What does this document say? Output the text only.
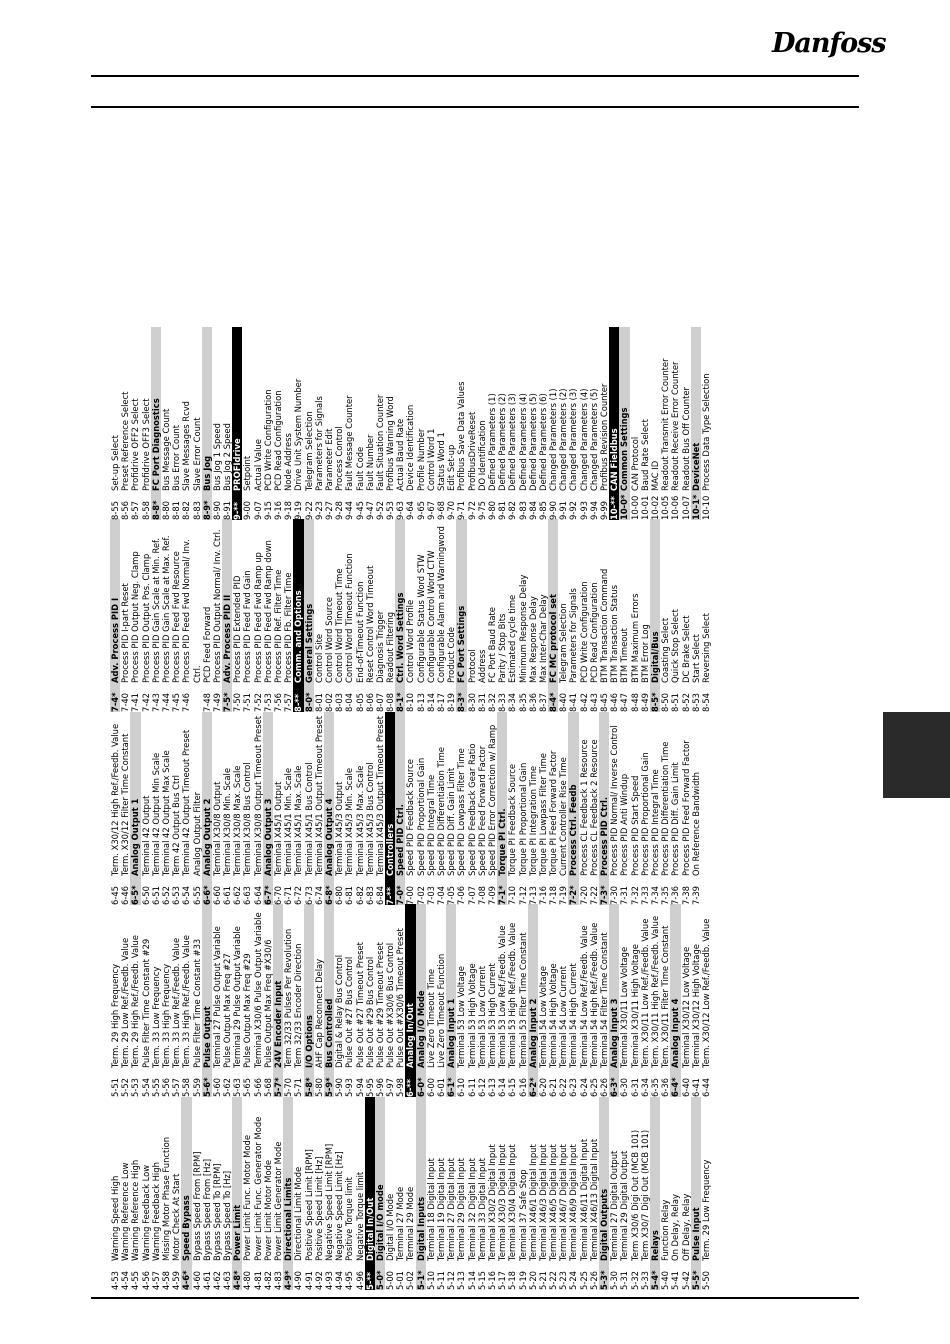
Danfoss
4-53Warning Speed High
4-54Warning Reference Low
4-55Warning Reference High
4-56Warning Feedback Low
4-57Warning Feedback High
4-58Missing Motor Phase Function
4-59Motor Check At Start
4-6*Speed Bypass
4-60Bypass Speed From [RPM]
4-61Bypass Speed From [Hz]
4-62Bypass Speed To [RPM]
4-63Bypass Speed To [Hz]
4-8*Power Limit
4-80Power Limit Func. Motor Mode
4-81Power Limit Func. Generator Mode
4-82Power Limit Motor Mode
4-83Power Limit Generator Mode
4-9*Directional Limits
4-90Directional Limit Mode
4-91Positive Speed Limit [RPM]
4-92Positive Speed Limit [Hz]
4-93Negative Speed Limit [RPM]
4-94Negative Speed Limit [Hz]
4-95Positive Torque limit
4-96Negative Torque limit
5-**Digital In/Out
5-0*Digital I/O mode
5-00Digital I/O Mode
5-01Terminal 27 Mode
5-02Terminal 29 Mode
5-1*Digital Inputs
5-10Terminal 18 Digital Input
5-11Terminal 19 Digital Input
5-12Terminal 27 Digital Input
5-13Terminal 29 Digital Input
5-14Terminal 32 Digital Input
5-15Terminal 33 Digital Input
5-16Terminal X30/2 Digital Input
5-17Terminal X30/3 Digital Input
5-18Terminal X30/4 Digital Input
5-19Terminal 37 Safe Stop
5-20Terminal X46/1 Digital Input
5-21Terminal X46/3 Digital Input
5-22Terminal X46/5 Digital Input
5-23Terminal X46/7 Digital Input
5-24Terminal X46/9 Digital Input
5-25Terminal X46/11 Digital Input
5-26Terminal X46/13 Digital Input
5-3*Digital Outputs
5-30Terminal 27 Digital Output
5-31Terminal 29 Digital Output
5-32Term X30/6 Digi Out (MCB 101)
5-33Term X30/7 Digi Out (MCB 101)
5-4*Relays
5-40Function Relay
5-41On Delay, Relay
5-42Off Delay, Relay
5-5*Pulse Input
5-50Term. 29 Low Frequency
5-51Term. 29 High Frequency
5-52Term. 29 Low Ref./Feedb. Value
5-53Term. 29 High Ref./Feedb. Value
5-54Pulse Filter Time Constant #29
5-55Term. 33 Low Frequency
5-56Term. 33 High Frequency
5-57Term. 33 Low Ref./Feedb. Value
5-58Term. 33 High Ref./Feedb. Value
5-59Pulse Filter Time Constant #33
5-6*Pulse Output
5-60Terminal 27 Pulse Output Variable
5-62Pulse Output Max Freq #27
5-63Terminal 29 Pulse Output Variable
5-65Pulse Output Max Freq #29
5-66Terminal X30/6 Pulse Output Variable
5-68Pulse Output Max Freq #X30/6
5-7*24V Encoder Input
5-70Term 32/33 Pulses Per Revolution
5-71Term 32/33 Encoder Direction
5-8*I/O Options
5-80AHF Cap Reconnect Delay
5-9*Bus Controlled
5-90Digital & Relay Bus Control
5-93Pulse Out #27 Bus Control
5-94Pulse Out #27 Timeout Preset
5-95Pulse Out #29 Bus Control
5-96Pulse Out #29 Timeout Preset
5-97Pulse Out #X30/6 Bus Control
5-98Pulse Out #X30/6 Timeout Preset
6-**Analog In/Out
6-0*Analog I/O Mode
6-00Live Zero Timeout Time
6-01Live Zero Timeout Function
6-1*Analog Input 1
6-10Terminal 53 Low Voltage
6-11Terminal 53 High Voltage
6-12Terminal 53 Low Current
6-13Terminal 53 High Current
6-14Terminal 53 Low Ref./Feedb. Value
6-15Terminal 53 High Ref./Feedb. Value
6-16Terminal 53 Filter Time Constant
6-2*Analog Input 2
6-20Terminal 54 Low Voltage
6-21Terminal 54 High Voltage
6-22Terminal 54 Low Current
6-23Terminal 54 High Current
6-24Terminal 54 Low Ref./Feedb. Value
6-25Terminal 54 High Ref./Feedb. Value
6-26Terminal 54 Filter Time Constant
6-3*Analog Input 3
6-30Terminal X30/11 Low Voltage
6-31Terminal X30/11 High Voltage
6-34Term. X30/11 Low Ref./Feedb. Value
6-35Term. X30/11 High Ref./Feedb. Value
6-36Term. X30/11 Filter Time Constant
6-4*Analog Input 4
6-40Terminal X30/12 Low Voltage
6-41Terminal X30/12 High Voltage
6-44Term. X30/12 Low Ref./Feedb. Value
6-45Term. X30/12 High Ref./Feedb. Value
6-46Term. X30/12 Filter Time Constant
6-5*Analog Output 1
6-50Terminal 42 Output
6-51Terminal 42 Output Min Scale
6-52Terminal 42 Output Max Scale
6-53Term 42 Output Bus Ctrl
6-54Terminal 42 Output Timeout Preset
6-55Analog Output Filter
6-6*Analog Output 2
6-60Terminal X30/8 Output
6-61Terminal X30/8 Min. Scale
6-62Terminal X30/8 Max. Scale
6-63Terminal X30/8 Bus Control
6-64Terminal X30/8 Output Timeout Preset
6-7*Analog Output 3
6-70Terminal X45/1 Output
6-71Terminal X45/1 Min. Scale
6-72Terminal X45/1 Max. Scale
6-73Terminal X45/1 Bus Control
6-74Terminal X45/1 Output Timeout Preset
6-8*Analog Output 4
6-80Terminal X45/3 Output
6-81Terminal X45/3 Min. Scale
6-82Terminal X45/3 Max. Scale
6-83Terminal X45/3 Bus Control
6-84Terminal X45/3 Output Timeout Preset
7-**Controllers
7-0*Speed PID Ctrl.
7-00Speed PID Feedback Source
7-02Speed PID Proportional Gain
7-03Speed PID Integral Time
7-04Speed PID Differentiation Time
7-05Speed PID Diff. Gain Limit
7-06Speed PID Lowpass Filter Time
7-07Speed PID Feedback Gear Ratio
7-08Speed PID Feed Forward Factor
7-09Speed PID Error Correction w/ Ramp
7-1*Torque PI Ctrl.
7-10Torque PI Feedback Source
7-12Torque PI Proportional Gain
7-13Torque PI Integration Time
7-16Torque PI Lowpass Filter Time
7-18Torque PI Feed Forward Factor
7-19Current Controller Rise Time
7-2*Process Ctrl. Feedb
7-20Process CL Feedback 1 Resource
7-22Process CL Feedback 2 Resource
7-3*Process PID Ctrl.
7-30Process PID Normal/ Inverse Control
7-31Process PID Anti Windup
7-32Process PID Start Speed
7-33Process PID Proportional Gain
7-34Process PID Integral Time
7-35Process PID Differentiation Time
7-36Process PID Diff. Gain Limit
7-38Process PID Feed Forward Factor
7-39On Reference Bandwidth
7-4*Adv. Process PID I
7-40Process PID I-part Reset
7-41Process PID Output Neg. Clamp
7-42Process PID Output Pos. Clamp
7-43Process PID Gain Scale at Min. Ref.
7-44Process PID Gain Scale at Max. Ref.
7-45Process PID Feed Fwd Resource
7-46Process PID Feed Fwd Normal/ Inv. Ctrl.
7-48PCD Feed Forward
7-49Process PID Output Normal/ Inv. Ctrl.
7-5*Adv. Process PID II
7-50Process PID Extended PID
7-51Process PID Feed Fwd Gain
7-52Process PID Feed Fwd Ramp up
7-53Process PID Feed Fwd Ramp down
7-56Process PID Ref. Filter Time
7-57Process PID Fb. Filter Time
8-**Comm. and Options
8-0*General Settings
8-01Control Site
8-02Control Word Source
8-03Control Word Timeout Time
8-04Control Word Timeout Function
8-05End-of-Timeout Function
8-06Reset Control Word Timeout
8-07Diagnosis Trigger
8-08Readout Filtering
8-1*Ctrl. Word Settings
8-10Control Word Profile
8-13Configurable Status Word STW
8-14Configurable Control Word CTW
8-17Configurable Alarm and Warningword
8-19Product Code
8-3*FC Port Settings
8-30Protocol
8-31Address
8-32FC Port Baud Rate
8-33Parity / Stop Bits
8-34Estimated cycle time
8-35Minimum Response Delay
8-36Max Response Delay
8-37Max Inter-Char Delay
8-4*FC MC protocol set
8-40Telegram Selection
8-41Parameters for Signals
8-42PCD Write Configuration
8-43PCD Read Configuration
8-45BTM Transaction Command
8-46BTM Transaction Status
8-47BTM Timeout
8-48BTM Maximum Errors
8-49BTM Error Log
8-5*Digital/Bus
8-50Coasting Select
8-51Quick Stop Select
8-52DC Brake Select
8-53Start Select
8-54Reversing Select
8-55Set-up Select
8-56Preset Reference Select
8-57Profidrive OFF2 Select
8-58Profidrive OFF3 Select
8-8*FC Port Diagnostics
8-80Bus Message Count
8-81Bus Error Count
8-82Slave Messages Rcvd
8-83Slave Error Count
8-9*Bus Jog
8-90Bus Jog 1 Speed
8-91Bus Jog 2 Speed
9-**PROFIdrive
9-00Setpoint
9-07Actual Value
9-15PCD Write Configuration
9-16PCD Read Configuration
9-18Node Address
9-19Drive Unit System Number
9-22Telegram Selection
9-23Parameters for Signals
9-27Parameter Edit
9-28Process Control
9-44Fault Message Counter
9-45Fault Code
9-47Fault Number
9-52Fault Situation Counter
9-53Profibus Warning Word
9-63Actual Baud Rate
9-64Device Identification
9-65Profile Number
9-67Control Word 1
9-68Status Word 1
9-70Edit Set-up
9-71Profibus Save Data Values
9-72ProfibusDriveReset
9-75DO Identification
9-80Defined Parameters (1)
9-81Defined Parameters (2)
9-82Defined Parameters (3)
9-83Defined Parameters (4)
9-84Defined Parameters (5)
9-85Defined Parameters (6)
9-90Changed Parameters (1)
9-91Changed Parameters (2)
9-92Changed Parameters (3)
9-93Changed Parameters (4)
9-94Changed Parameters (5)
9-99Profibus Revision Counter
10-**CAN Fieldbus
10-0*Common Settings
10-00CAN Protocol
10-01Baud Rate Select
10-02MAC ID
10-05Readout Transmit Error Counter
10-06Readout Receive Error Counter
10-07Readout Bus Off Counter
10-1*DeviceNet
10-10Process Data Type Selection
